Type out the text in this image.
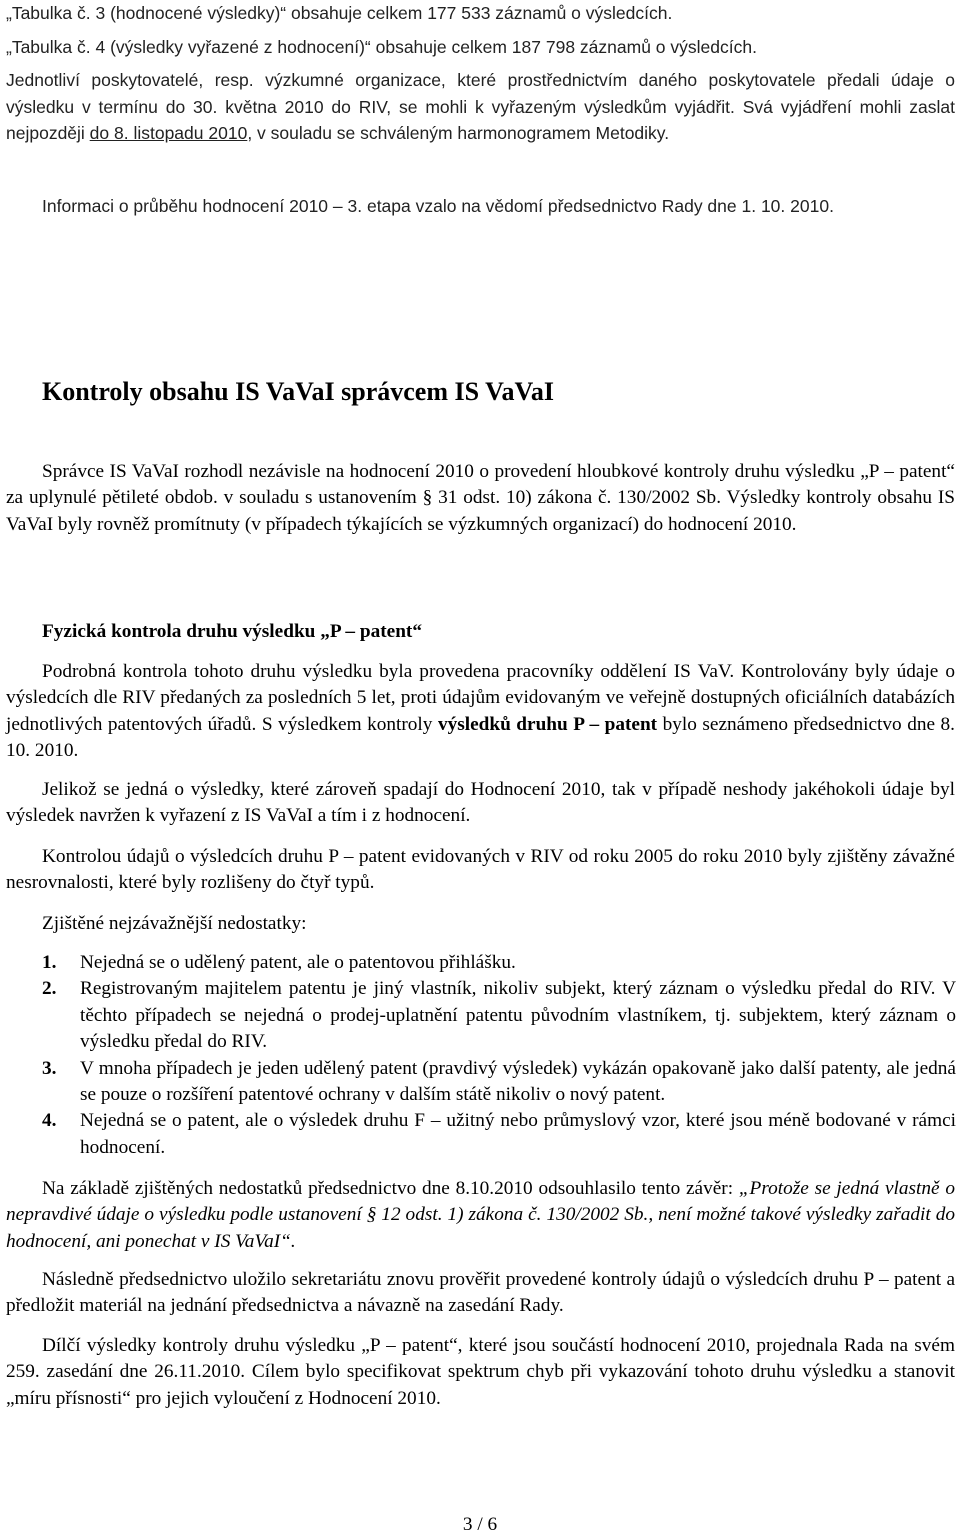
„Tabulka č. 3 (hodnocené výsledky)“ obsahuje celkem 177 533 záznamů o výsledcích.
„Tabulka č. 4 (výsledky vyřazené z hodnocení)“ obsahuje celkem 187 798 záznamů o výsledcích.
Jednotliví poskytovatelé, resp. výzkumné organizace, které prostřednictvím daného poskytovatele předali údaje o výsledku v termínu do 30. května 2010 do RIV, se mohli k vyřazeným výsledkům vyjádřit. Svá vyjádření mohli zaslat nejpozději do 8. listopadu 2010, v souladu se schváleným harmonogramem Metodiky.
Informaci o průběhu hodnocení 2010 – 3. etapa vzalo na vědomí předsednictvo Rady dne 1. 10. 2010.
Kontroly obsahu IS VaVaI správcem IS VaVaI
Správce IS VaVaI rozhodl nezávisle na hodnocení 2010 o provedení hloubkové kontroly druhu výsledku „P – patent“ za uplynulé pětileté obdob. v souladu s ustanovením § 31 odst. 10) zákona č. 130/2002 Sb. Výsledky kontroly obsahu IS VaVaI byly rovněž promítnuty (v případech týkajících se výzkumných organizací) do hodnocení 2010.
Fyzická kontrola druhu výsledku „P – patent“
Podrobná kontrola tohoto druhu výsledku byla provedena pracovníky oddělení IS VaV. Kontrolovány byly údaje o výsledcích dle RIV předaných za posledních 5 let, proti údajům evidovaným ve veřejně dostupných oficiálních databázích jednotlivých patentových úřadů. S výsledkem kontroly výsledků druhu P – patent bylo seznámeno předsednictvo dne 8. 10. 2010.
Jelikož se jedná o výsledky, které zároveň spadají do Hodnocení 2010, tak v případě neshody jakéhokoli údaje byl výsledek navržen k vyřazení z IS VaVaI a tím i z hodnocení.
Kontrolou údajů o výsledcích druhu P – patent evidovaných v RIV od roku 2005 do roku 2010 byly zjištěny závažné nesrovnalosti, které byly rozlišeny do čtyř typů.
Zjištěné nejzávažnější nedostatky:
1. Nejedná se o udělený patent, ale o patentovou přihlášku.
2. Registrovaným majitelem patentu je jiný vlastník, nikoliv subjekt, který záznam o výsledku předal do RIV. V těchto případech se nejedná o prodej-uplatnění patentu původním vlastníkem, tj. subjektem, který záznam o výsledku předal do RIV.
3. V mnoha případech je jeden udělený patent (pravdivý výsledek) vykázán opakovaně jako další patenty, ale jedná se pouze o rozšíření patentové ochrany v dalším státě nikoliv o nový patent.
4. Nejedná se o patent, ale o výsledek druhu F – užitný nebo průmyslový vzor, které jsou méně bodované v rámci hodnocení.
Na základě zjištěných nedostatků předsednictvo dne 8.10.2010 odsouhlasilo tento závěr: „Protože se jedná vlastně o nepravdivé údaje o výsledku podle ustanovení § 12 odst. 1) zákona č. 130/2002 Sb., není možné takové výsledky zařadit do hodnocení, ani ponechat v IS VaVaI“.
Následně předsednictvo uložilo sekretariátu znovu prověřit provedené kontroly údajů o výsledcích druhu P – patent a předložit materiál na jednání předsednictva a návazně na zasedání Rady.
Dílčí výsledky kontroly druhu výsledku „P – patent“, které jsou součástí hodnocení 2010, projednala Rada na svém 259. zasedání dne 26.11.2010. Cílem bylo specifikovat spektrum chyb při vykazování tohoto druhu výsledku a stanovit „míru přísnosti“ pro jejich vyloučení z Hodnocení 2010.
3 / 6
